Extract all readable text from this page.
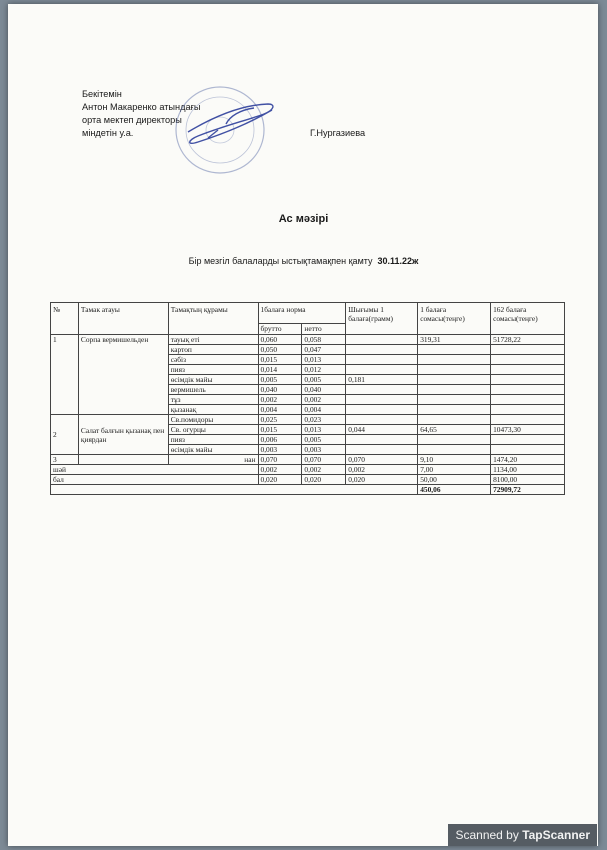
Бекітемін
Антон Макаренко атындағы
орта мектеп директоры
міндетін у.а.	Г.Нургазиева
Ас мәзірі
Бір мезгіл балаларды ыстықтамақпен қамту 30.11.22ж
№	Тамак атауы	Тамақтың құрамы	1балаға норма		Шығымы 1 балаға(грамм)	1 балаға сомасы(теңге)	162 балаға сомасы(теңге)
			брутто	нетто			
1	Сорпа вермишельден	тауық еті	0,060	0,058		319,31	51728,22
		картоп	0,050	0,047			
		сәбіз	0,015	0,013			
		пияз	0,014	0,012			
		өсімдік майы	0,005	0,005	0,181		
		вермишель	0,040	0,040			
		тұз	0,002	0,002			
		қызанақ	0,004	0,004			
2	Салат балғын қызанақ пен қиярдан	Св.помидоры	0,025	0,023			
		Св. огурцы	0,015	0,013	0,044	64,65	10473,30
		пияз	0,006	0,005			
		өсімдік майы	0,003	0,003			
3		нан	0,070	0,070	0,070	9,10	1474,20
шәй			0,002	0,002	0,002	7,00	1134,00
бал			0,020	0,020	0,020	50,00	8100,00
						450,06	72909,72
Scanned by TapScanner
